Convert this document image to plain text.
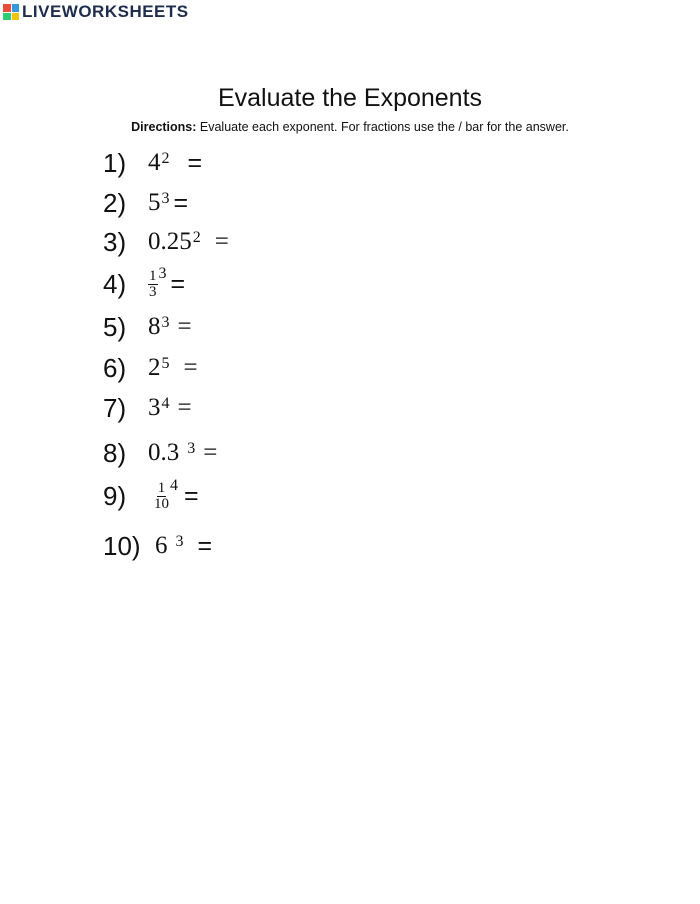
LIVEWORKSHEETS
Evaluate the Exponents
Directions: Evaluate each exponent. For fractions use the / bar for the answer.
1) $4^2$ =
2) $5^3$ =
3) $0.25^2$ =
4)	$\frac{1}{3}^3$ =
5) $8^3$ =
6) $2^5$ =
7) $3^4$ =
8) 0.3 $^3$ =
9)	$\frac{1}{10}^4$ =
10) 6 $^3$ =
